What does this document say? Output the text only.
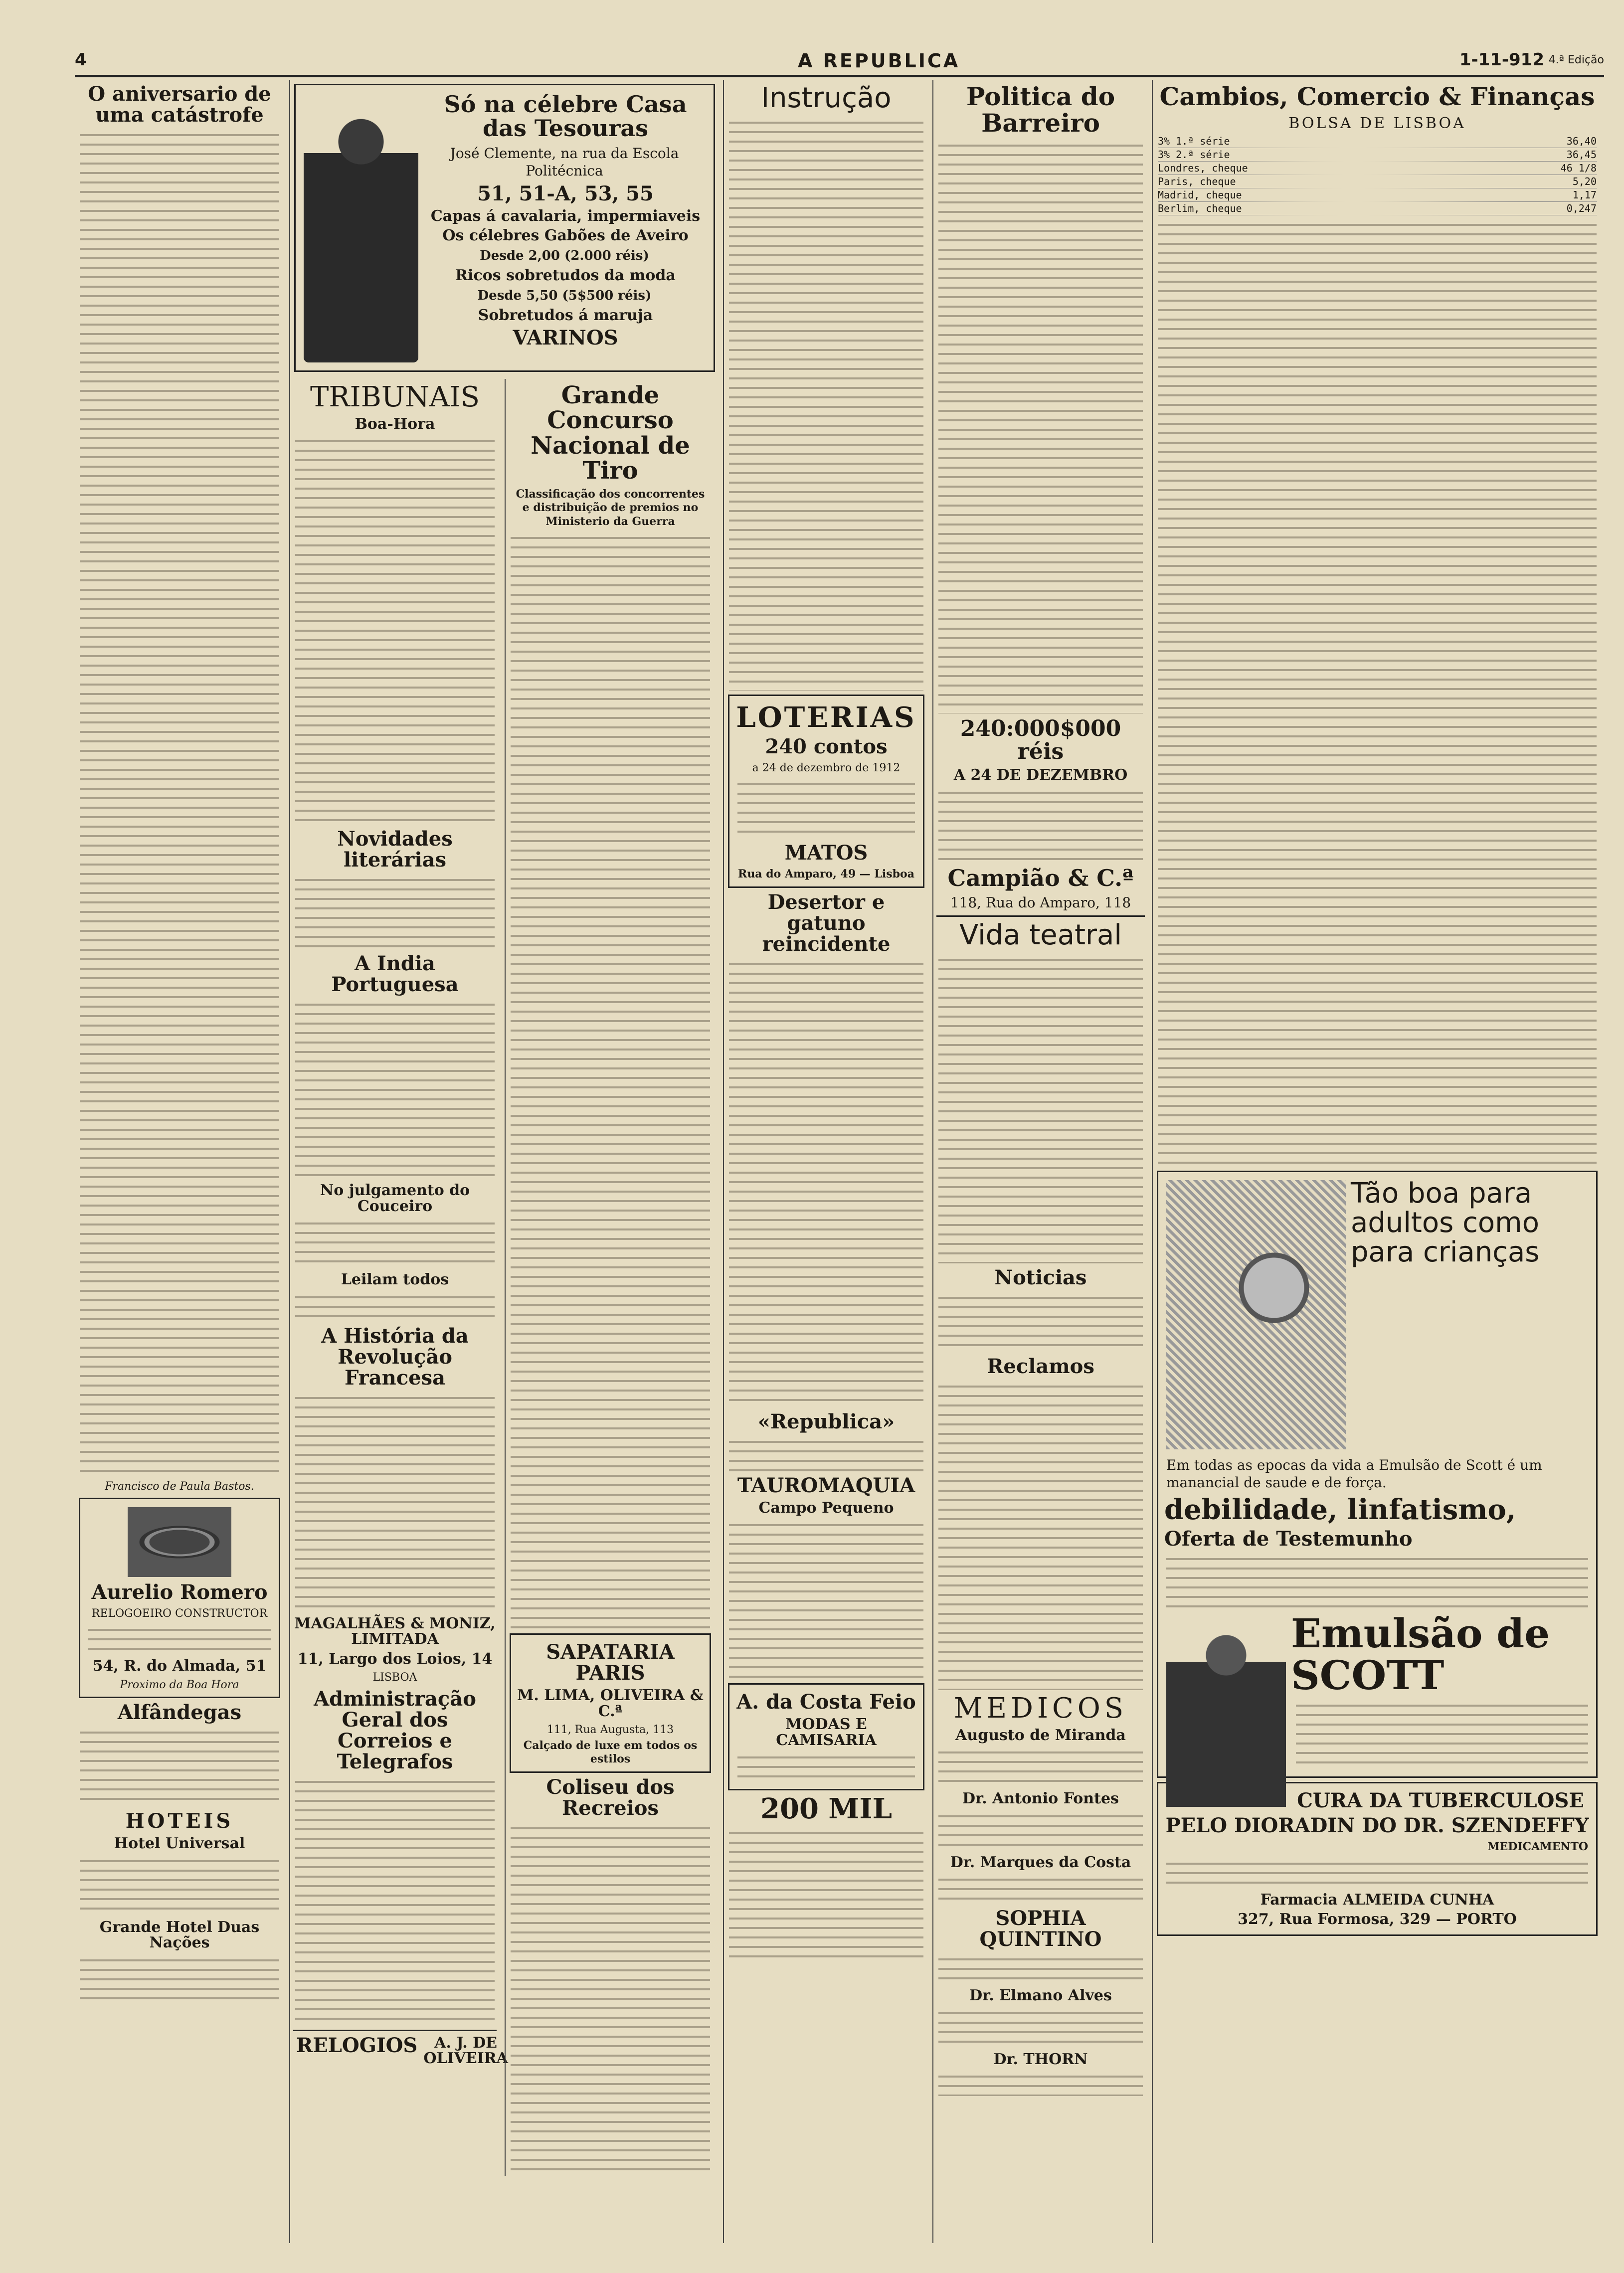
4	A REPUBLICA	1-11-912 4.ª Edição
O aniversario de uma catástrofe
Francisco de Paula Bastos.
Aurelio Romero
RELOGOEIRO CONSTRUCTOR
54, R. do Almada, 51
Proximo da Boa Hora
Alfândegas
HOTEIS
Hotel Universal
Grande Hotel Duas Nações
Só na célebre Casa das Tesouras
José Clemente, na rua da Escola Politécnica
51, 51-A, 53, 55
Capas á cavalaria, impermiaveis
Os célebres Gabões de Aveiro
Desde 2,00 (2.000 réis)
Ricos sobretudos da moda
Desde 5,50 (5$500 réis)
Sobretudos á maruja
VARINOS
TRIBUNAIS
Boa-Hora
Novidades literárias
A India Portuguesa
No julgamento do Couceiro
Leilam todos
A História da Revolução Francesa
MAGALHÃES & MONIZ, LIMITADA
11, Largo dos Loios, 14
LISBOA
Administração Geral dos Correios e Telegrafos
RELOGIOS	A. J. DE OLIVEIRA
Grande Concurso Nacional de Tiro
Classificação dos concorrentes e distribuição de premios no Ministerio da Guerra
SAPATARIA PARIS
M. LIMA, OLIVEIRA & C.ª
111, Rua Augusta, 113
Calçado de luxe em todos os estilos
Coliseu dos Recreios
Instrução
LOTERIAS
240 contos
a 24 de dezembro de 1912
MATOS
Rua do Amparo, 49 — Lisboa
Desertor e gatuno reincidente
«Republica»
TAUROMAQUIA
Campo Pequeno
A. da Costa Feio
MODAS E CAMISARIA
200 MIL
Politica do Barreiro
240:000$000 réis
A 24 DE DEZEMBRO
Campião & C.ª
118, Rua do Amparo, 118
Vida teatral
Noticias
Reclamos
MEDICOS
Augusto de Miranda
Dr. Antonio Fontes
Dr. Marques da Costa
SOPHIA QUINTINO
Dr. Elmano Alves
Dr. THORN
Cambios, Comercio & Finanças
BOLSA DE LISBOA
3% 1.ª série	36,40
3% 2.ª série	36,45
Londres, cheque	46 1/8
Paris, cheque	5,20
Madrid, cheque	1,17
Berlim, cheque	0,247
Tão boa para adultos como para crianças
Em todas as epocas da vida a Emulsão de Scott é um manancial de saude e de força.
debilidade, linfatismo,
Oferta de Testemunho
Emulsão de SCOTT
CURA DA TUBERCULOSE
PELO DIORADIN DO DR. SZENDEFFY
MEDICAMENTO
Farmacia ALMEIDA CUNHA
327, Rua Formosa, 329 — PORTO
